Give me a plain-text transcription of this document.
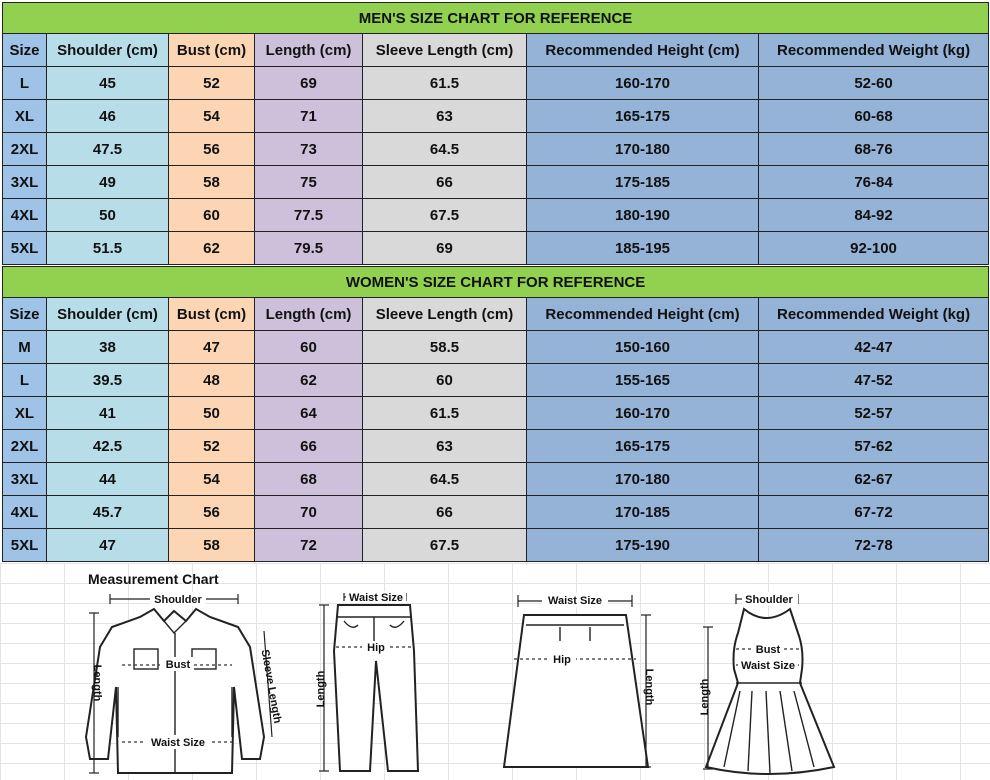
MEN'S SIZE CHART FOR REFERENCE						
Size	Shoulder (cm)	Bust (cm)	Length (cm)	Sleeve Length (cm)	Recommended Height (cm)	Recommended Weight (kg)
L	45	52	69	61.5	160-170	52-60
XL	46	54	71	63	165-175	60-68
2XL	47.5	56	73	64.5	170-180	68-76
3XL	49	58	75	66	175-185	76-84
4XL	50	60	77.5	67.5	180-190	84-92
5XL	51.5	62	79.5	69	185-195	92-100
WOMEN'S SIZE CHART FOR REFERENCE						
Size	Shoulder (cm)	Bust (cm)	Length (cm)	Sleeve Length (cm)	Recommended Height (cm)	Recommended Weight (kg)
M	38	47	60	58.5	150-160	42-47
L	39.5	48	62	60	155-165	47-52
XL	41	50	64	61.5	160-170	52-57
2XL	42.5	52	66	63	165-175	57-62
3XL	44	54	68	64.5	170-180	62-67
4XL	45.7	56	70	66	170-185	67-72
5XL	47	58	72	67.5	175-190	72-78
Measurement Chart
Shoulder
Bust
Waist Size
Length	Sleeve Length
Waist Size
Hip
Length
Waist Size
Hip
Length
Shoulder
Bust
Waist Size
Length
